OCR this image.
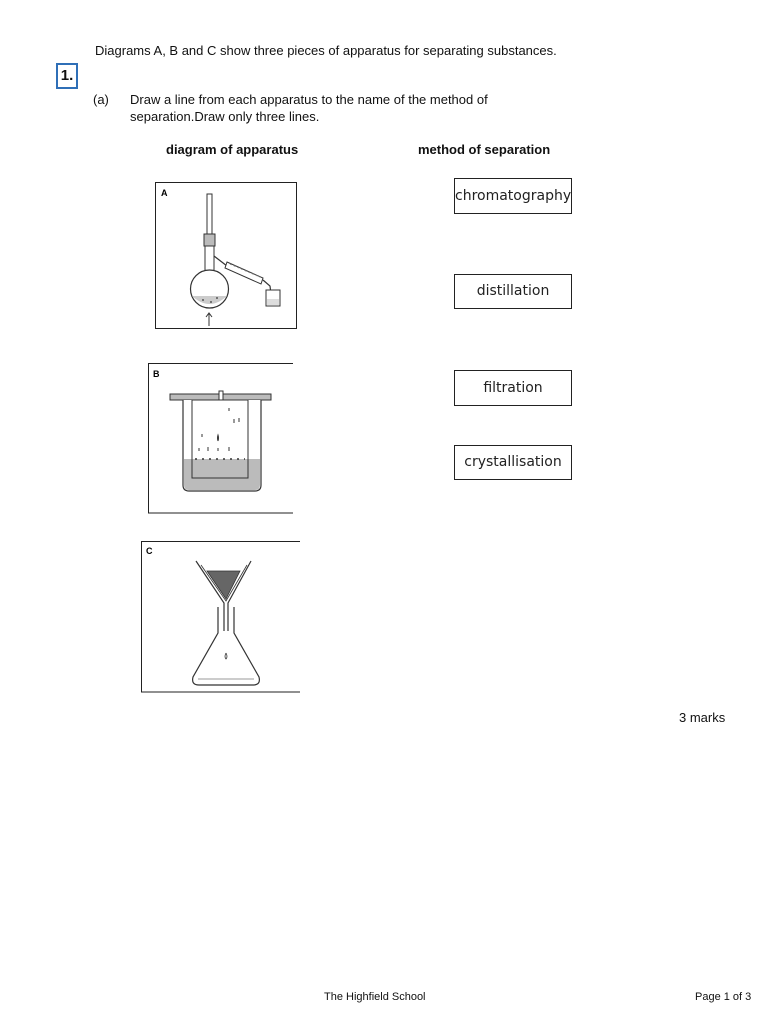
Diagrams A, B and C show three pieces of apparatus for separating substances.
1.
(a) Draw a line from each apparatus to the name of the method of
separation.Draw only three lines.
diagram of apparatus	method of separation
A
B
C
chromatography
distillation
filtration
crystallisation
3 marks
The Highfield School	Page 1 of 3
